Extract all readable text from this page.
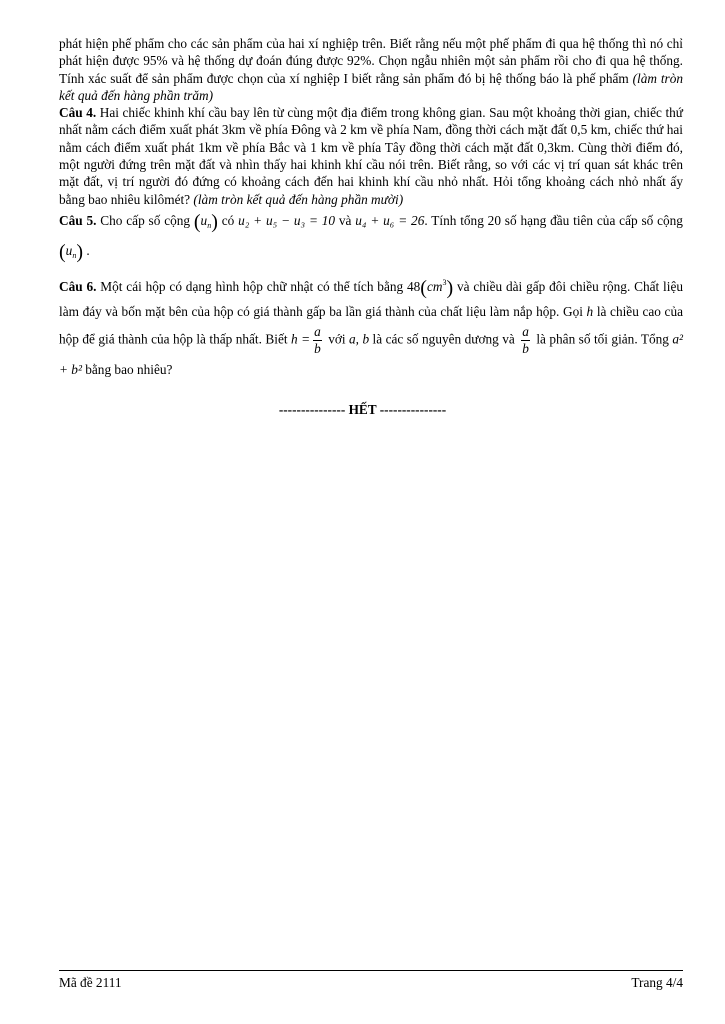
phát hiện phế phẩm cho các sản phẩm của hai xí nghiệp trên. Biết rằng nếu một phế phẩm đi qua hệ thống thì nó chỉ phát hiện được 95% và hệ thống dự đoán đúng được 92%. Chọn ngẫu nhiên một sản phẩm rồi cho đi qua hệ thống. Tính xác suất để sản phẩm được chọn của xí nghiệp I biết rằng sản phẩm đó bị hệ thống báo là phế phẩm (làm tròn kết quả đến hàng phần trăm)

Câu 4. Hai chiếc khinh khí cầu bay lên từ cùng một địa điểm trong không gian. Sau một khoảng thời gian, chiếc thứ nhất nằm cách điểm xuất phát 3km về phía Đông và 2 km về phía Nam, đồng thời cách mặt đất 0,5 km, chiếc thứ hai nằm cách điểm xuất phát 1km về phía Bắc và 1 km về phía Tây đồng thời cách mặt đất 0,3km. Cùng thời điểm đó, một người đứng trên mặt đất và nhìn thấy hai khinh khí cầu nói trên. Biết rằng, so với các vị trí quan sát khác trên mặt đất, vị trí người đó đứng có khoảng cách đến hai khinh khí cầu nhỏ nhất. Hỏi tổng khoảng cách nhỏ nhất ấy bằng bao nhiêu kilômét? (làm tròn kết quả đến hàng phần mười)

Câu 5. Cho cấp số cộng $(u_n)$ có u₂ + u₅ − u₃ = 10 và u₄ + u₆ = 26. Tính tổng 20 số hạng đầu tiên của cấp số cộng $(u_n)$ .

Câu 6. Một cái hộp có dạng hình hộp chữ nhật có thể tích bằng $48(cm^3)$ và chiều dài gấp đôi chiều rộng. Chất liệu làm đáy và bốn mặt bên của hộp có giá thành gấp ba lần giá thành của chất liệu làm nắp hộp. Gọi h là chiều cao của hộp để giá thành của hộp là thấp nhất. Biết $h = \frac{a}{b}$ với a, b là các số nguyên dương và $\frac{a}{b}$ là phân số tối giản. Tổng a² + b² bằng bao nhiêu?

--------------- HẾT ---------------
Mã đề 2111	Trang 4/4
